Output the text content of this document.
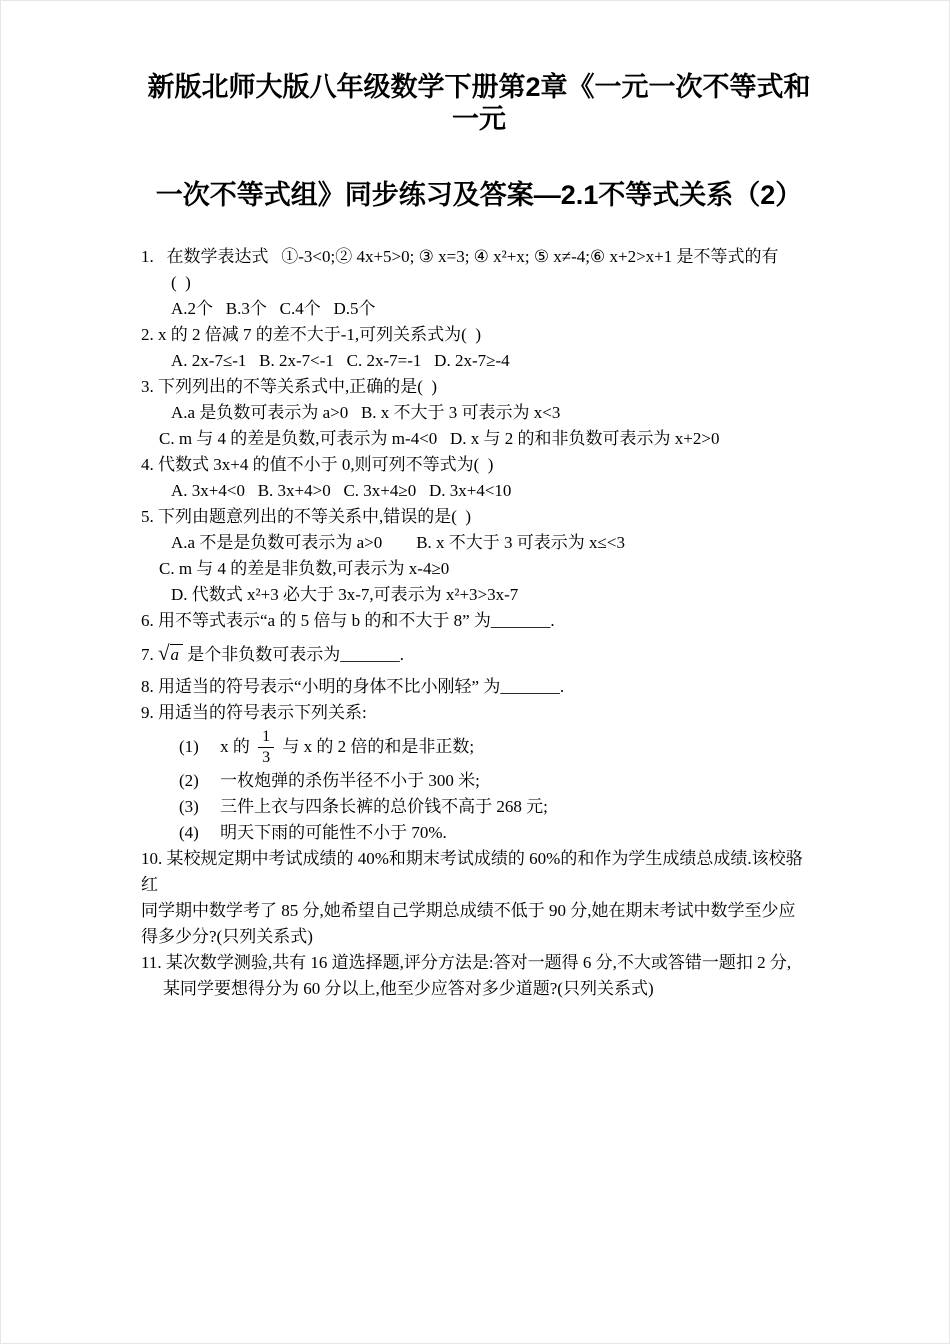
新版北师大版八年级数学下册第2章《一元一次不等式和一元
一次不等式组》同步练习及答案—2.1不等式关系（2）

1.   在数学表达式   ①-3<0;② 4x+5>0; ③ x=3; ④ x²+x; ⑤ x≠-4;⑥ x+2>x+1 是不等式的有

(  )

A.2个   B.3个   C.4个   D.5个

2. x 的 2 倍减 7 的差不大于-1,可列关系式为(  )

A. 2x-7≤-1   B. 2x-7<-1   C. 2x-7=-1   D. 2x-7≥-4

3. 下列列出的不等关系式中,正确的是(  )

A.a 是负数可表示为 a>0   B. x 不大于 3 可表示为 x<3

C. m 与 4 的差是负数,可表示为 m-4<0   D. x 与 2 的和非负数可表示为 x+2>0

4. 代数式 3x+4 的值不小于 0,则可列不等式为(  )

A. 3x+4<0   B. 3x+4>0   C. 3x+4≥0   D. 3x+4<10

5. 下列由题意列出的不等关系中,错误的是(  )

A.a 不是是负数可表示为 a>0        B. x 不大于 3 可表示为 x≤<3

C. m 与 4 的差是非负数,可表示为 x-4≥0

D. 代数式 x²+3 必大于 3x-7,可表示为 x²+3>3x-7

6. 用不等式表示“a 的 5 倍与 b 的和不大于 8” 为_______.

7. √a 是个非负数可表示为_______.

8. 用适当的符号表示“小明的身体不比小刚轻” 为_______.

9. 用适当的符号表示下列关系:

(1)     x 的 $\frac{1}{3}$ 与 x 的 2 倍的和是非正数;

(2)     一枚炮弹的杀伤半径不小于 300 米;

(3)     三件上衣与四条长裤的总价钱不高于 268 元;

(4)     明天下雨的可能性不小于 70%.

10. 某校规定期中考试成绩的 40%和期末考试成绩的 60%的和作为学生成绩总成绩.该校骆红

同学期中数学考了 85 分,她希望自己学期总成绩不低于 90 分,她在期末考试中数学至少应

得多少分?(只列关系式)

11. 某次数学测验,共有 16 道选择题,评分方法是:答对一题得 6 分,不大或答错一题扣 2 分,

某同学要想得分为 60 分以上,他至少应答对多少道题?(只列关系式)
